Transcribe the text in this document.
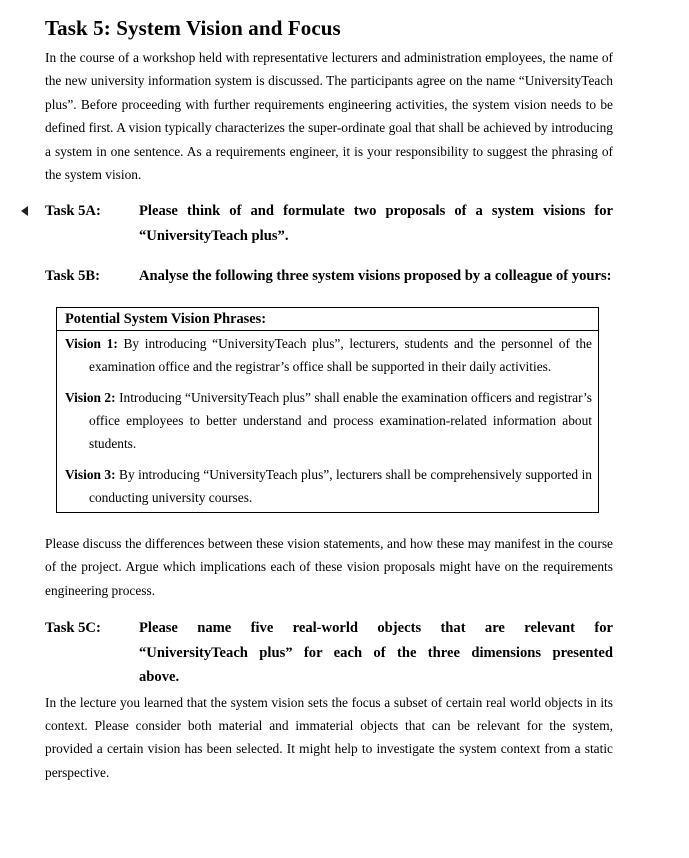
Task 5: System Vision and Focus

In the course of a workshop held with representative lecturers and administration employees, the name of the new university information system is discussed. The participants agree on the name “UniversityTeach plus”. Before proceeding with further requirements engineering activities, the system vision needs to be defined first. A vision typically characterizes the super-ordinate goal that shall be achieved by introducing a system in one sentence. As a requirements engineer, it is your responsibility to suggest the phrasing of the system vision.

Task 5A:	Please think of and formulate two proposals of a system visions for “UniversityTeach plus”.
Task 5B:	Analyse the following three system visions proposed by a colleague of yours:
Potential System Vision Phrases:

Vision 1: By introducing “UniversityTeach plus”, lecturers, students and the personnel of the examination office and the registrar’s office shall be supported in their daily activities.

Vision 2: Introducing “UniversityTeach plus” shall enable the examination officers and registrar’s office employees to better understand and process examination-related information about students.

Vision 3: By introducing “UniversityTeach plus”, lecturers shall be comprehensively supported in conducting university courses.

Please discuss the differences between these vision statements, and how these may manifest in the course of the project. Argue which implications each of these vision proposals might have on the requirements engineering process.

Task 5C:	Please name five real-world objects that are relevant for “UniversityTeach plus” for each of the three dimensions presented above.

In the lecture you learned that the system vision sets the focus a subset of certain real world objects in its context. Please consider both material and immaterial objects that can be relevant for the system, provided a certain vision has been selected. It might help to investigate the system context from a static perspective.
